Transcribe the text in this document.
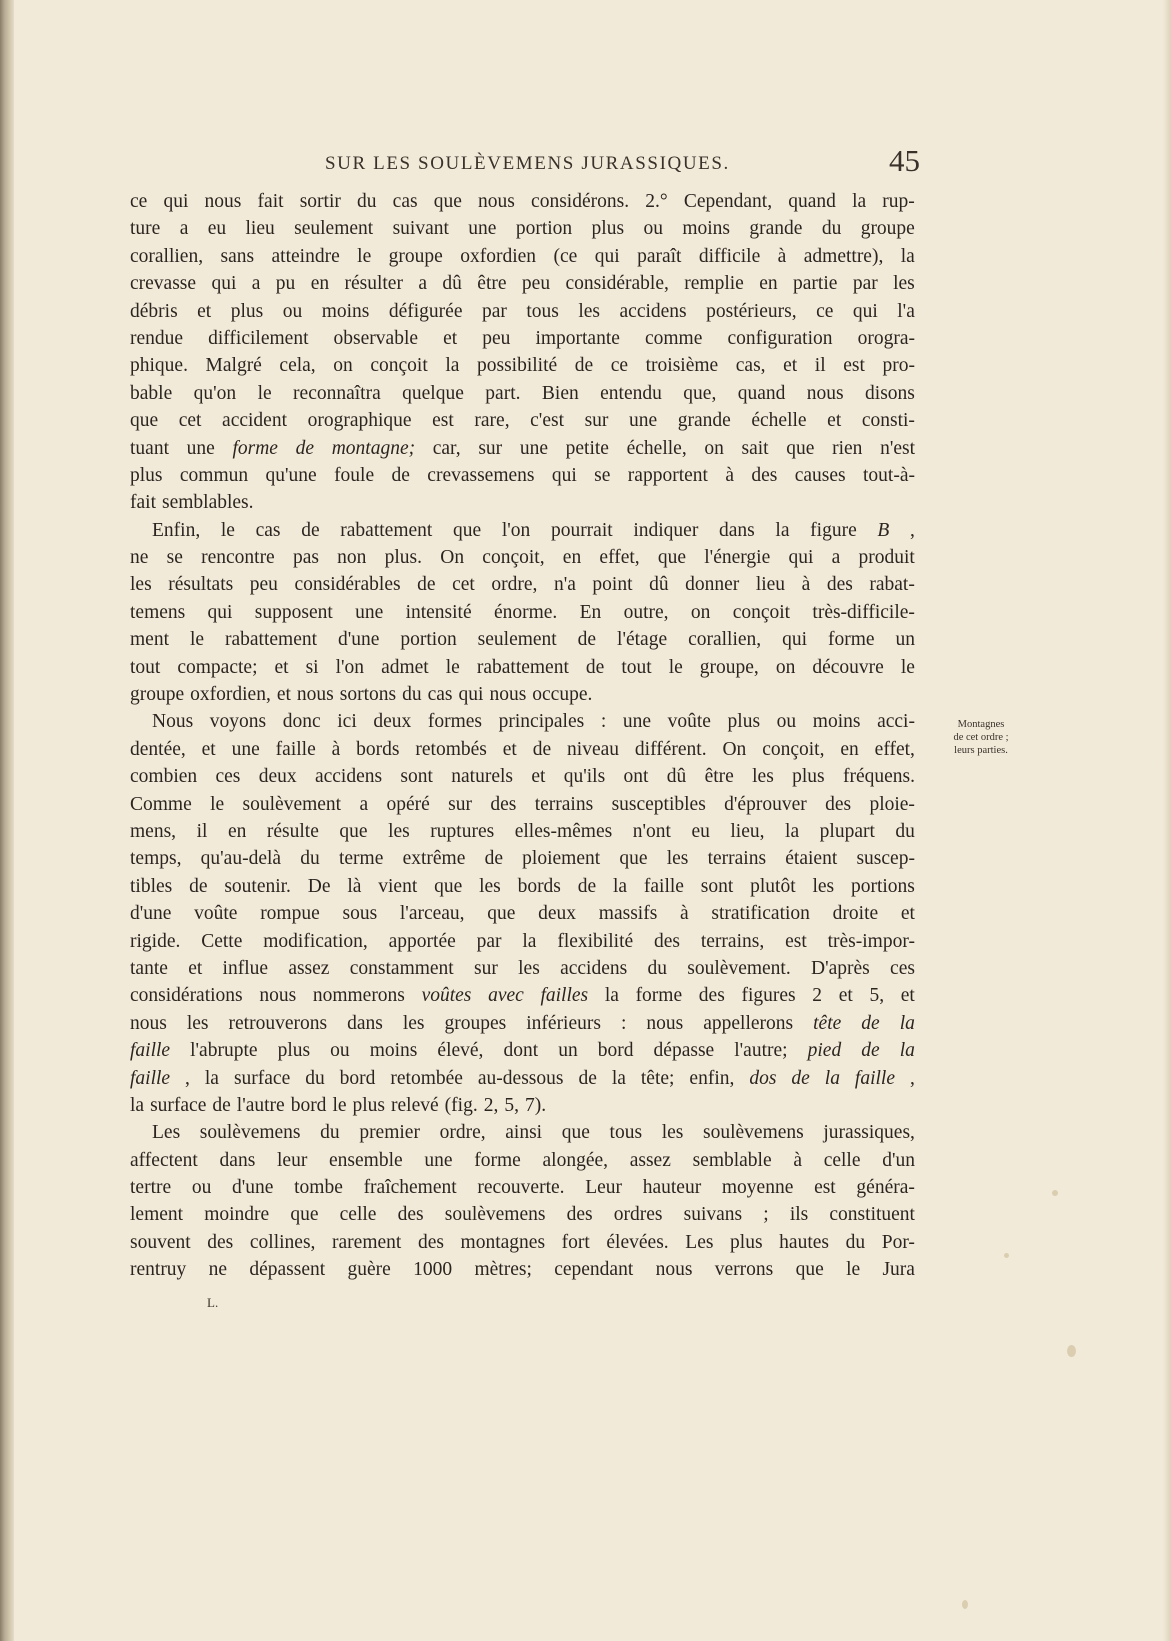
SUR LES SOULÈVEMENS JURASSIQUES.	45
ce qui nous fait sortir du cas que nous considérons. 2.° Cependant, quand la rup-
ture a eu lieu seulement suivant une portion plus ou moins grande du groupe
corallien, sans atteindre le groupe oxfordien (ce qui paraît difficile à admettre), la
crevasse qui a pu en résulter a dû être peu considérable, remplie en partie par les
débris et plus ou moins défigurée par tous les accidens postérieurs, ce qui l'a
rendue difficilement observable et peu importante comme configuration orogra-
phique. Malgré cela, on conçoit la possibilité de ce troisième cas, et il est pro-
bable qu'on le reconnaîtra quelque part. Bien entendu que, quand nous disons
que cet accident orographique est rare, c'est sur une grande échelle et consti-
tuant une forme de montagne; car, sur une petite échelle, on sait que rien n'est
plus commun qu'une foule de crevassemens qui se rapportent à des causes tout-à-
fait semblables.
Enfin, le cas de rabattement que l'on pourrait indiquer dans la figure B ,
ne se rencontre pas non plus. On conçoit, en effet, que l'énergie qui a produit
les résultats peu considérables de cet ordre, n'a point dû donner lieu à des rabat-
temens qui supposent une intensité énorme. En outre, on conçoit très-difficile-
ment le rabattement d'une portion seulement de l'étage corallien, qui forme un
tout compacte; et si l'on admet le rabattement de tout le groupe, on découvre le
groupe oxfordien, et nous sortons du cas qui nous occupe.
Nous voyons donc ici deux formes principales : une voûte plus ou moins acci-
dentée, et une faille à bords retombés et de niveau différent. On conçoit, en effet,
combien ces deux accidens sont naturels et qu'ils ont dû être les plus fréquens.
Comme le soulèvement a opéré sur des terrains susceptibles d'éprouver des ploie-
mens, il en résulte que les ruptures elles-mêmes n'ont eu lieu, la plupart du
temps, qu'au-delà du terme extrême de ploiement que les terrains étaient suscep-
tibles de soutenir. De là vient que les bords de la faille sont plutôt les portions
d'une voûte rompue sous l'arceau, que deux massifs à stratification droite et
rigide. Cette modification, apportée par la flexibilité des terrains, est très-impor-
tante et influe assez constamment sur les accidens du soulèvement. D'après ces
considérations nous nommerons voûtes avec failles la forme des figures 2 et 5, et
nous les retrouverons dans les groupes inférieurs : nous appellerons tête de la
faille l'abrupte plus ou moins élevé, dont un bord dépasse l'autre; pied de la
faille , la surface du bord retombée au-dessous de la tête; enfin, dos de la faille ,
la surface de l'autre bord le plus relevé (fig. 2, 5, 7).
Les soulèvemens du premier ordre, ainsi que tous les soulèvemens jurassiques,
affectent dans leur ensemble une forme alongée, assez semblable à celle d'un
tertre ou d'une tombe fraîchement recouverte. Leur hauteur moyenne est généra-
lement moindre que celle des soulèvemens des ordres suivans ; ils constituent
souvent des collines, rarement des montagnes fort élevées. Les plus hautes du Por-
rentruy ne dépassent guère 1000 mètres; cependant nous verrons que le Jura
Montagnes
de cet ordre ;
leurs parties.
L.
